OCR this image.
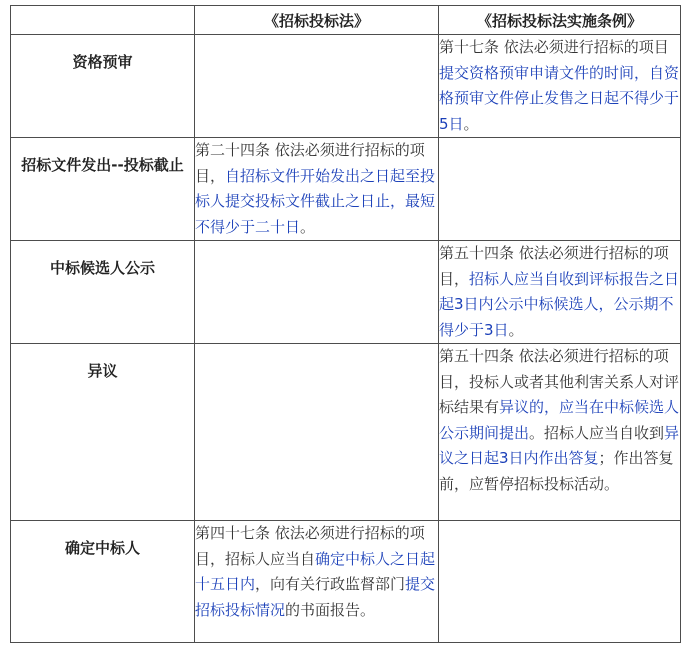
	《招标投标法》	《招标投标法实施条例》

资格预审		第十七条 依法必须进行招标的项目提交资格预审申请文件的时间，自资格预审文件停止发售之日起不得少于5日。

招标文件发出--投标截止	第二十四条 依法必须进行招标的项目，自招标文件开始发出之日起至投标人提交投标文件截止之日止，最短不得少于二十日。	

中标候选人公示		第五十四条 依法必须进行招标的项目，招标人应当自收到评标报告之日起3日内公示中标候选人，公示期不得少于3日。

异议		第五十四条 依法必须进行招标的项目，投标人或者其他利害关系人对评标结果有异议的，应当在中标候选人公示期间提出。招标人应当自收到异议之日起3日内作出答复；作出答复前，应暂停招标投标活动。

确定中标人	第四十七条 依法必须进行招标的项目，招标人应当自确定中标人之日起十五日内，向有关行政监督部门提交招标投标情况的书面报告。	
